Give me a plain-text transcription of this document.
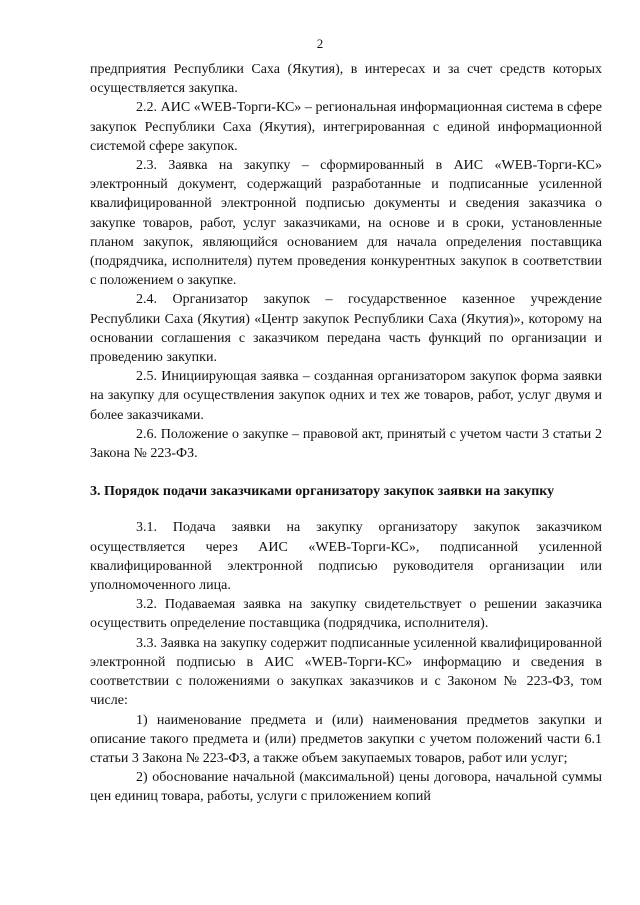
2

предприятия Республики Саха (Якутия), в интересах и за счет средств которых осуществляется закупка.

2.2. АИС «WEB-Торги-КС» – региональная информационная система в сфере закупок Республики Саха (Якутия), интегрированная с единой информационной системой сфере закупок.

2.3. Заявка на закупку – сформированный в АИС «WEB-Торги-КС» электронный документ, содержащий разработанные и подписанные усиленной квалифицированной электронной подписью документы и сведения заказчика о закупке товаров, работ, услуг заказчиками, на основе и в сроки, установленные планом закупок, являющийся основанием для начала определения поставщика (подрядчика, исполнителя) путем проведения конкурентных закупок в соответствии с положением о закупке.

2.4. Организатор закупок – государственное казенное учреждение Республики Саха (Якутия) «Центр закупок Республики Саха (Якутия)», которому на основании соглашения с заказчиком передана часть функций по организации и проведению закупки.

2.5. Инициирующая заявка – созданная организатором закупок форма заявки на закупку для осуществления закупок одних и тех же товаров, работ, услуг двумя и более заказчиками.

2.6. Положение о закупке – правовой акт, принятый с учетом части 3 статьи 2 Закона № 223-ФЗ.

3. Порядок подачи заказчиками организатору закупок заявки на закупку

3.1. Подача заявки на закупку организатору закупок заказчиком осуществляется через АИС «WEB-Торги-КС», подписанной усиленной квалифицированной электронной подписью руководителя организации или уполномоченного лица.

3.2. Подаваемая заявка на закупку свидетельствует о решении заказчика осуществить определение поставщика (подрядчика, исполнителя).

3.3. Заявка на закупку содержит подписанные усиленной квалифицированной электронной подписью в АИС «WEB-Торги-КС» информацию и сведения в соответствии с положениями о закупках заказчиков и с Законом № 223-ФЗ, том числе:

1) наименование предмета и (или) наименования предметов закупки и описание такого предмета и (или) предметов закупки с учетом положений части 6.1 статьи 3 Закона № 223-ФЗ, а также объем закупаемых товаров, работ или услуг;

2) обоснование начальной (максимальной) цены договора, начальной суммы цен единиц товара, работы, услуги с приложением копий
